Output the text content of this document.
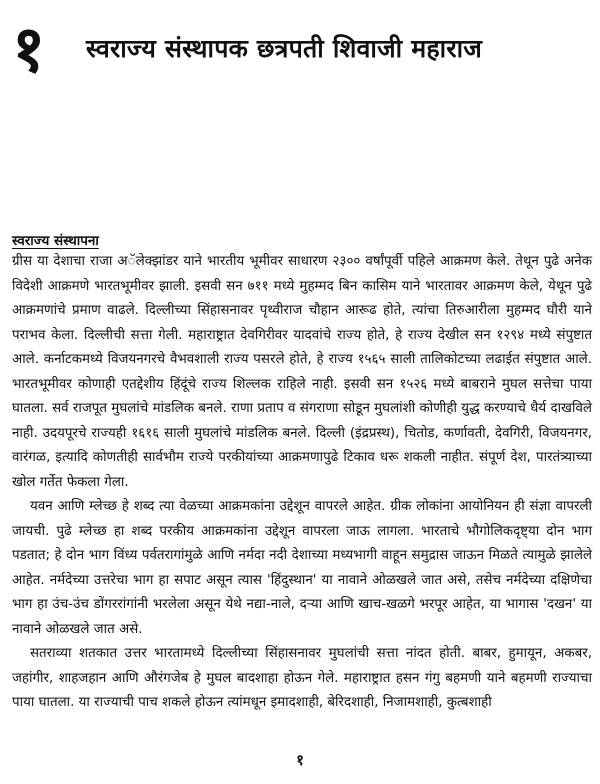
१ स्वराज्य संस्थापक छत्रपती शिवाजी महाराज
स्वराज्य संस्थापना

ग्रीस या देशाचा राजा अॅलेक्झांडर याने भारतीय भूमीवर साधारण २३०० वर्षांपूर्वी पहिले आक्रमण केले. तेथून पुढे अनेक विदेशी आक्रमणे भारतभूमीवर झाली. इसवी सन ७११ मध्ये मुहम्मद बिन कासिम याने भारतावर आक्रमण केले, येथून पुढे आक्रमणांचे प्रमाण वाढले. दिल्लीच्या सिंहासनावर पृथ्वीराज चौहान आरूढ होते, त्यांचा तिरुआरीला मुहम्मद घौरी याने पराभव केला. दिल्लीची सत्ता गेली. महाराष्ट्रात देवगिरीवर यादवांचे राज्य होते, हे राज्य देखील सन १२९४ मध्ये संपुष्टात आले. कर्नाटकमध्ये विजयनगरचे वैभवशाली राज्य पसरले होते, हे राज्य १५६५ साली तालिकोटच्या लढाईत संपुष्टात आले. भारतभूमीवर कोणाही एतद्देशीय हिंदूंचे राज्य शिल्लक राहिले नाही. इसवी सन १५२६ मध्ये बाबराने मुघल सत्तेचा पाया घातला. सर्व राजपूत मुघलांचे मांडलिक बनले. राणा प्रताप व संगराणा सोडून मुघलांशी कोणीही युद्ध करण्याचे धैर्य दाखविले नाही. उदयपूरचे राज्यही १६१६ साली मुघलांचे मांडलिक बनले. दिल्ली (इंद्रप्रस्थ), चितोड, कर्णावती, देवगिरी, विजयनगर, वारंगळ, इत्यादि कोणतीही सार्वभौम राज्ये परकीयांच्या आक्रमणापुढे टिकाव धरू शकली नाहीत. संपूर्ण देश, पारतंत्र्याच्या खोल गर्तेत फेकला गेला.

यवन आणि म्लेच्छ हे शब्द त्या वेळच्या आक्रमकांना उद्देशून वापरले आहेत. ग्रीक लोकांना आयोनियन ही संज्ञा वापरली जायची. पुढे म्लेच्छ हा शब्द परकीय आक्रमकांना उद्देशून वापरला जाऊ लागला. भारताचे भौगोलिकदृष्ट्या दोन भाग पडतात; हे दोन भाग विंध्य पर्वतरागांमुळे आणि नर्मदा नदी देशाच्या मध्यभागी वाहून समुद्रास जाऊन मिळते त्यामुळे झालेले आहेत. नर्मदेच्या उत्तरेचा भाग हा सपाट असून त्यास 'हिंदुस्थान' या नावाने ओळखले जात असे, तसेच नर्मदेच्या दक्षिणेचा भाग हा उंच-उंच डोंगररांगांनी भरलेला असून येथे नद्या-नाले, दऱ्या आणि खाच-खळगे भरपूर आहेत, या भागास 'दखन' या नावाने ओळखले जात असे.

सतराव्या शतकात उत्तर भारतामध्ये दिल्लीच्या सिंहासनावर मुघलांची सत्ता नांदत होती. बाबर, हुमायून, अकबर, जहांगीर, शाहजहान आणि औरंगजेब हे मुघल बादशाहा होऊन गेले. महाराष्ट्रात हसन गंगु बहमणी याने बहमणी राज्याचा पाया घातला. या राज्याची पाच शकले होऊन त्यांमधून इमादशाही, बेरिदशाही, निजामशाही, कुत्बशाही

१
